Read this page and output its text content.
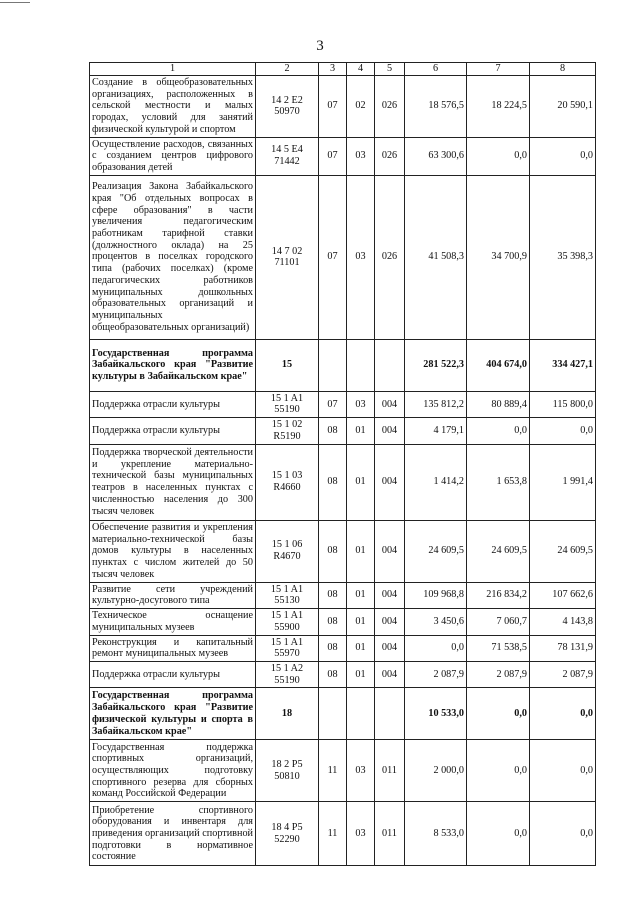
3
1	2	3	4	5	6	7	8
Создание в общеобразовательных организациях, расположенных в сельской местности и малых городах, условий для занятий физической культурой и спортом	14 2 E2 50970	07	02	026	18 576,5	18 224,5	20 590,1
Осуществление расходов, связанных с созданием центров цифрового образования детей	14 5 E4 71442	07	03	026	63 300,6	0,0	0,0
Реализация Закона Забайкальского края "Об отдельных вопросах в сфере образования" в части увеличения педагогическим работникам тарифной ставки (должностного оклада) на 25 процентов в поселках городского типа (рабочих поселках) (кроме педагогических работников муниципальных дошкольных образовательных организаций и муниципальных общеобразовательных организаций)	14 7 02 71101	07	03	026	41 508,3	34 700,9	35 398,3
Государственная программа Забайкальского края "Развитие культуры в Забайкальском крае"	15				281 522,3	404 674,0	334 427,1
Поддержка отрасли культуры	15 1 A1 55190	07	03	004	135 812,2	80 889,4	115 800,0
Поддержка отрасли культуры	15 1 02 R5190	08	01	004	4 179,1	0,0	0,0
Поддержка творческой деятельности и укрепление материально-технической базы муниципальных театров в населенных пунктах с численностью населения до 300 тысяч человек	15 1 03 R4660	08	01	004	1 414,2	1 653,8	1 991,4
Обеспечение развития и укрепления материально-технической базы домов культуры в населенных пунктах с числом жителей до 50 тысяч человек	15 1 06 R4670	08	01	004	24 609,5	24 609,5	24 609,5
Развитие сети учреждений культурно-досугового типа	15 1 A1 55130	08	01	004	109 968,8	216 834,2	107 662,6
Техническое оснащение муниципальных музеев	15 1 A1 55900	08	01	004	3 450,6	7 060,7	4 143,8
Реконструкция и капитальный ремонт муниципальных музеев	15 1 A1 55970	08	01	004	0,0	71 538,5	78 131,9
Поддержка отрасли культуры	15 1 A2 55190	08	01	004	2 087,9	2 087,9	2 087,9
Государственная программа Забайкальского края "Развитие физической культуры и спорта в Забайкальском крае"	18				10 533,0	0,0	0,0
Государственная поддержка спортивных организаций, осуществляющих подготовку спортивного резерва для сборных команд Российской Федерации	18 2 P5 50810	11	03	011	2 000,0	0,0	0,0
Приобретение спортивного оборудования и инвентаря для приведения организаций спортивной подготовки в нормативное состояние	18 4 P5 52290	11	03	011	8 533,0	0,0	0,0
